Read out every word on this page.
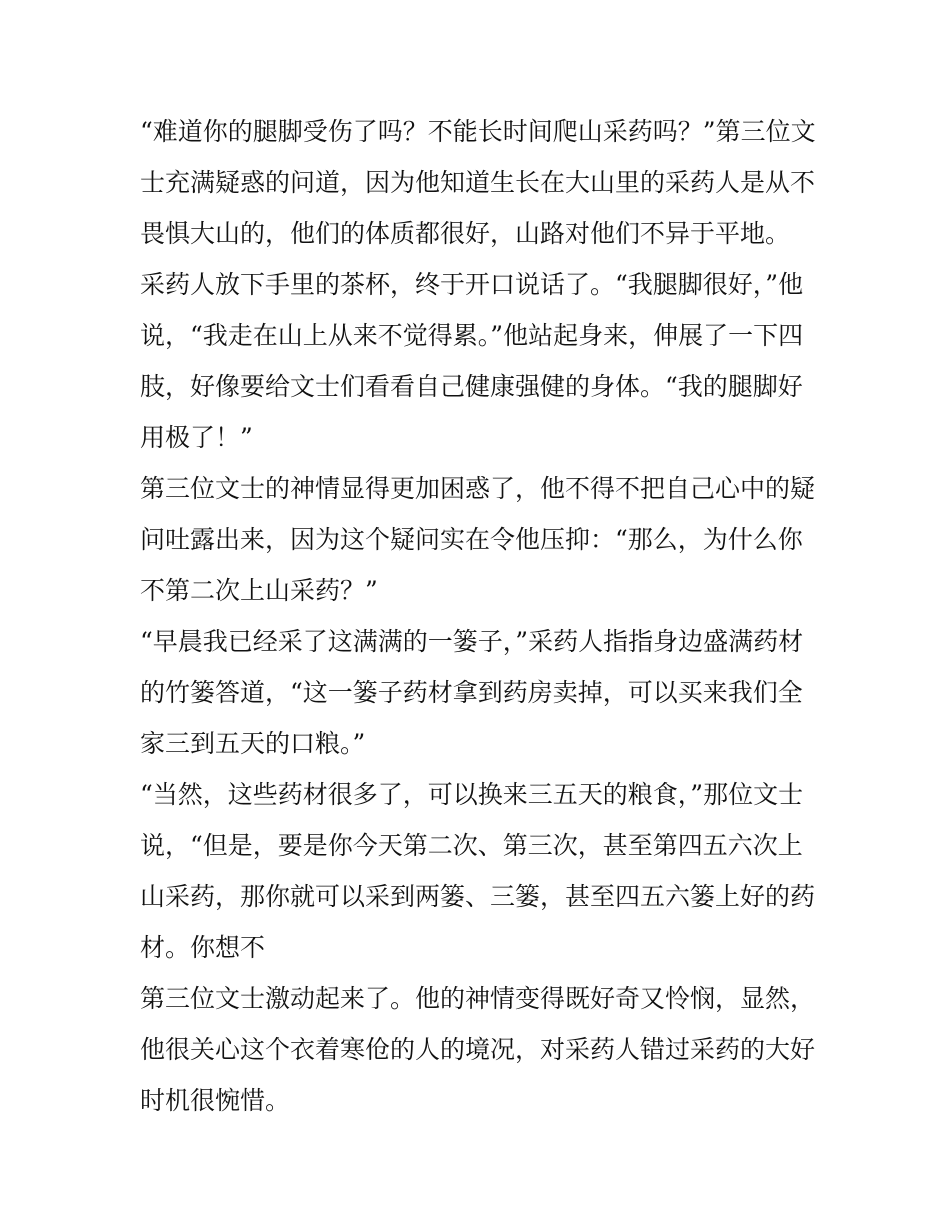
“难道你的腿脚受伤了吗？不能长时间爬山采药吗？”第三位文
士充满疑惑的问道，因为他知道生长在大山里的采药人是从不
畏惧大山的，他们的体质都很好，山路对他们不异于平地。
采药人放下手里的茶杯，终于开口说话了。“我腿脚很好，”他
说，“我走在山上从来不觉得累。”他站起身来，伸展了一下四
肢，好像要给文士们看看自己健康强健的身体。“我的腿脚好
用极了！”
第三位文士的神情显得更加困惑了，他不得不把自己心中的疑
问吐露出来，因为这个疑问实在令他压抑：“那么，为什么你
不第二次上山采药？”
“早晨我已经采了这满满的一篓子，”采药人指指身边盛满药材
的竹篓答道，“这一篓子药材拿到药房卖掉，可以买来我们全
家三到五天的口粮。”
“当然，这些药材很多了，可以换来三五天的粮食，”那位文士
说，“但是，要是你今天第二次、第三次，甚至第四五六次上
山采药，那你就可以采到两篓、三篓，甚至四五六篓上好的药
材。你想不
第三位文士激动起来了。他的神情变得既好奇又怜悯，显然，
他很关心这个衣着寒伧的人的境况，对采药人错过采药的大好
时机很惋惜。
